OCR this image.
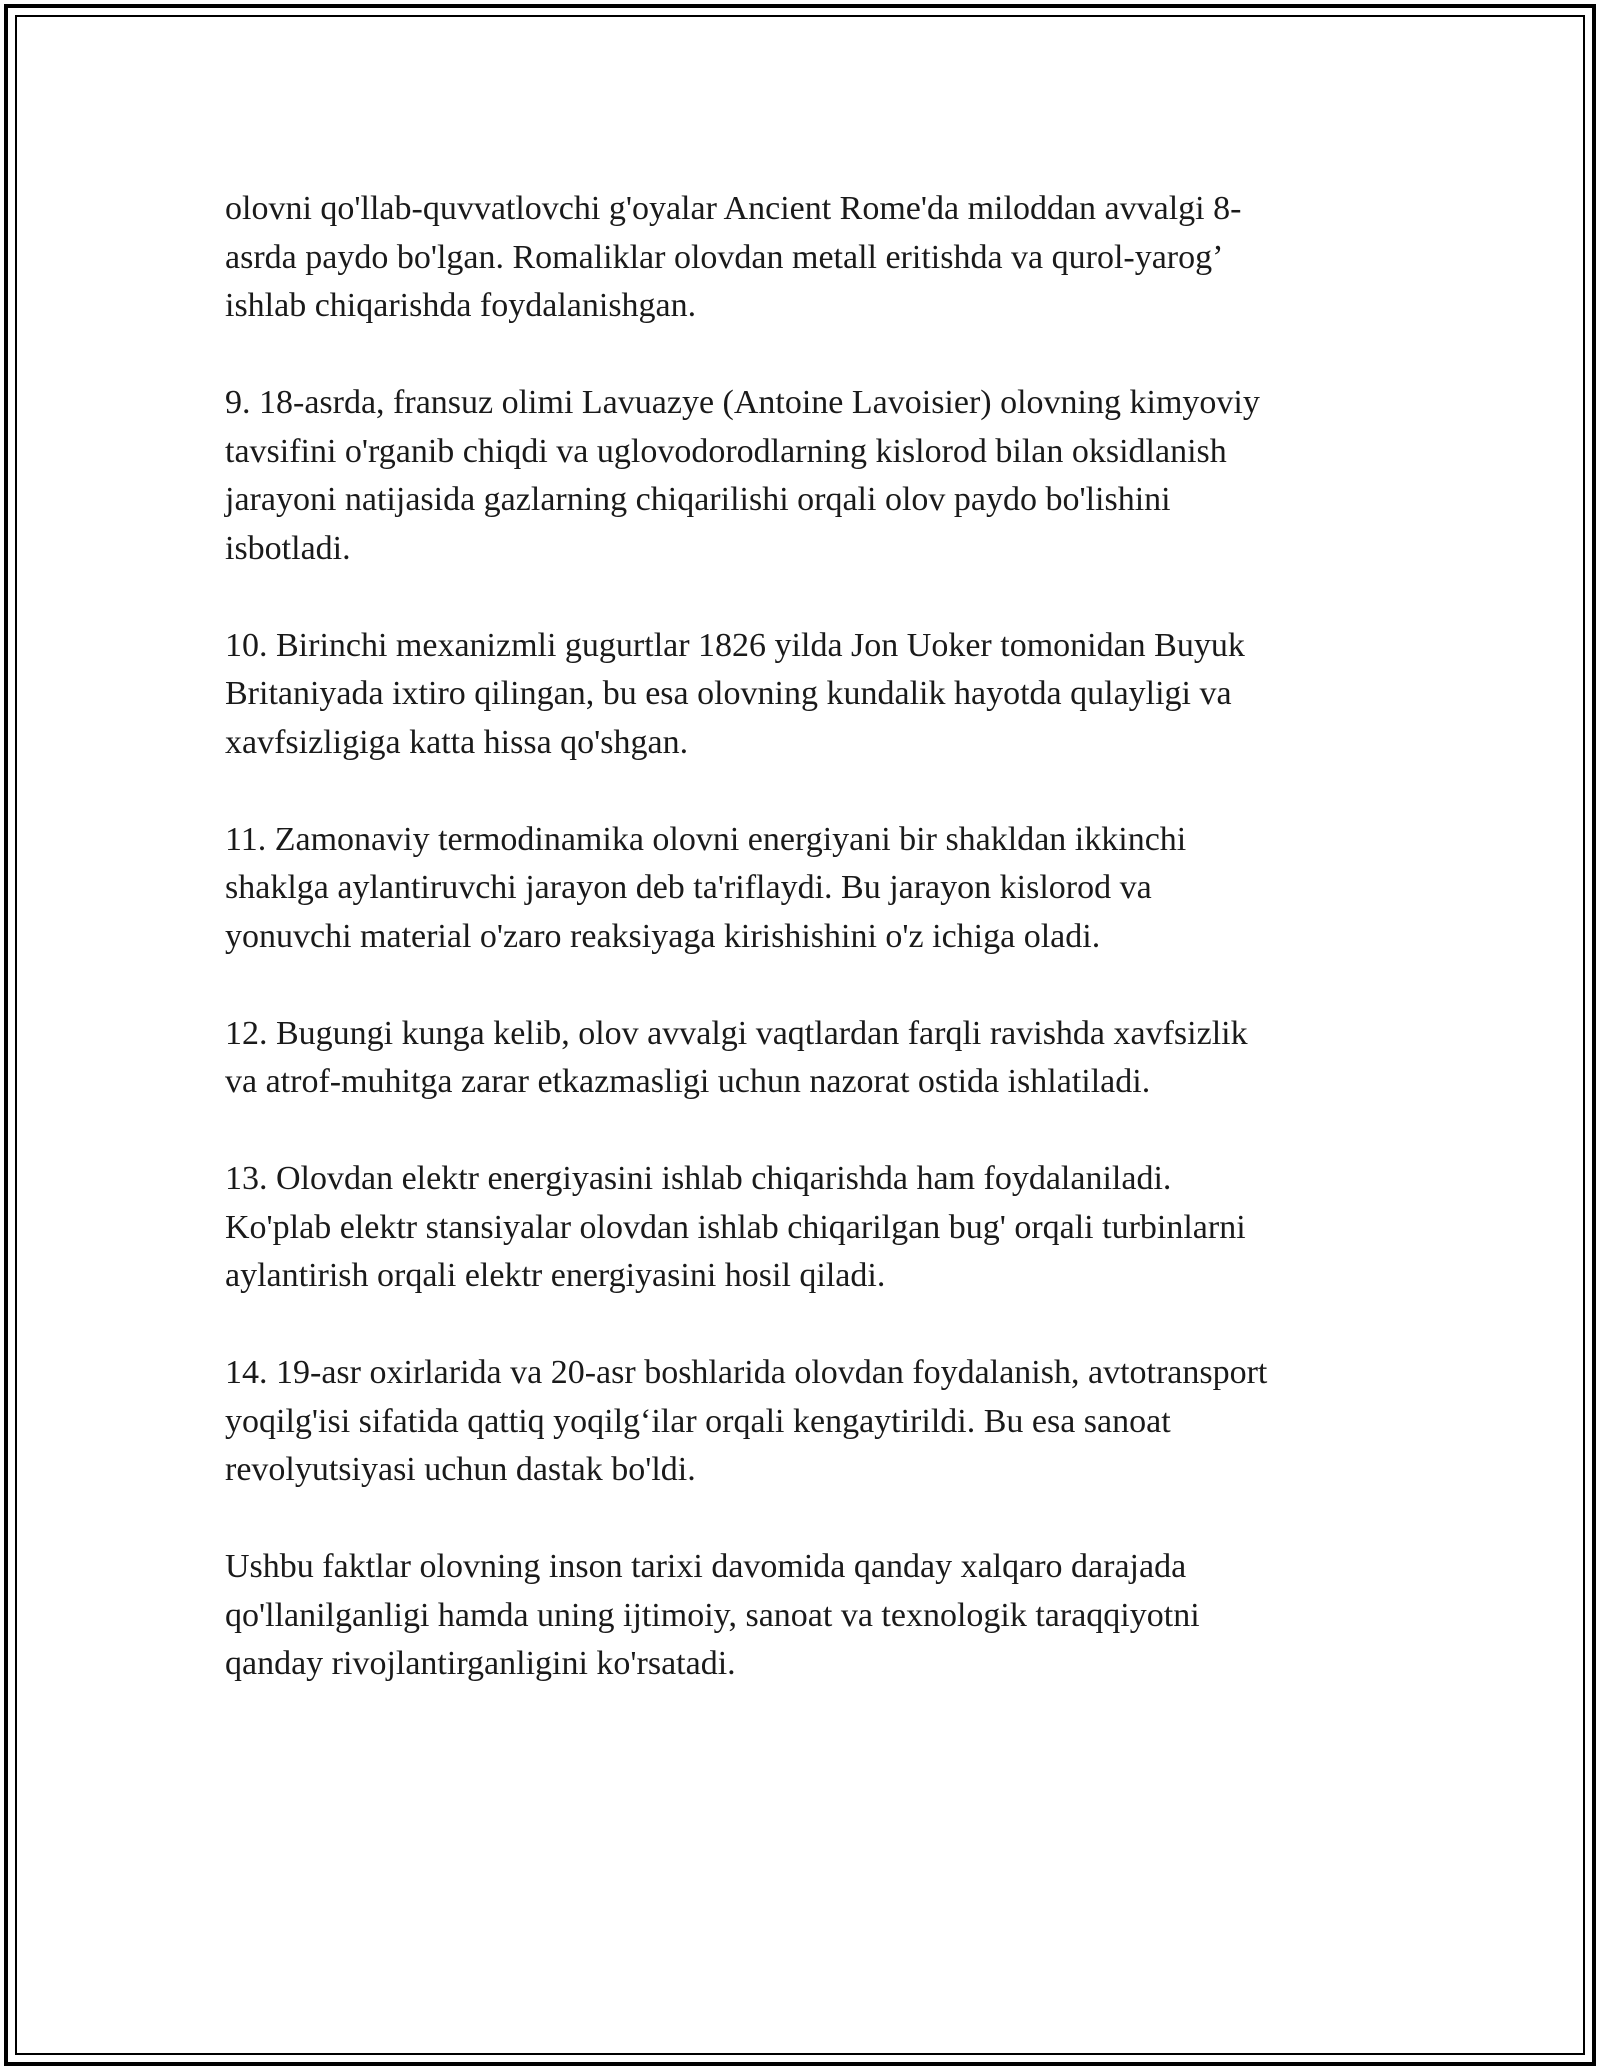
olovni qo'llab-quvvatlovchi g'oyalar Ancient Rome'da miloddan avvalgi 8-
asrda paydo bo'lgan. Romaliklar olovdan metall eritishda va qurol-yarog’
ishlab chiqarishda foydalanishgan.

9. 18-asrda, fransuz olimi Lavuazye (Antoine Lavoisier) olovning kimyoviy
tavsifini o'rganib chiqdi va uglovodorodlarning kislorod bilan oksidlanish
jarayoni natijasida gazlarning chiqarilishi orqali olov paydo bo'lishini
isbotladi.

10. Birinchi mexanizmli gugurtlar 1826 yilda Jon Uoker tomonidan Buyuk
Britaniyada ixtiro qilingan, bu esa olovning kundalik hayotda qulayligi va
xavfsizligiga katta hissa qo'shgan.

11. Zamonaviy termodinamika olovni energiyani bir shakldan ikkinchi
shaklga aylantiruvchi jarayon deb ta'riflaydi. Bu jarayon kislorod va
yonuvchi material o'zaro reaksiyaga kirishishini o'z ichiga oladi.

12. Bugungi kunga kelib, olov avvalgi vaqtlardan farqli ravishda xavfsizlik
va atrof-muhitga zarar etkazmasligi uchun nazorat ostida ishlatiladi.

13. Olovdan elektr energiyasini ishlab chiqarishda ham foydalaniladi.
Ko'plab elektr stansiyalar olovdan ishlab chiqarilgan bug' orqali turbinlarni
aylantirish orqali elektr energiyasini hosil qiladi.

14. 19-asr oxirlarida va 20-asr boshlarida olovdan foydalanish, avtotransport
yoqilg'isi sifatida qattiq yoqilg‘ilar orqali kengaytirildi. Bu esa sanoat
revolyutsiyasi uchun dastak bo'ldi.

Ushbu faktlar olovning inson tarixi davomida qanday xalqaro darajada
qo'llanilganligi hamda uning ijtimoiy, sanoat va texnologik taraqqiyotni
qanday rivojlantirganligini ko'rsatadi.
